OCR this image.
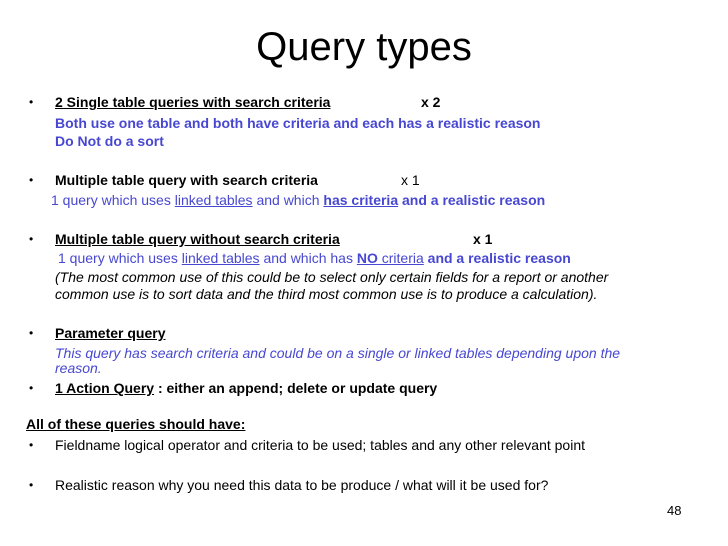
Query types
• 2 Single table queries with search criteria	x 2
Both use one table and both have criteria and each has a realistic reason
Do Not do a sort
• Multiple table query with search criteria	x 1
1 query which uses linked tables and which has criteria and a realistic reason
• Multiple table query without search criteria	x 1
1 query which uses linked tables and which has NO criteria and a realistic reason
(The most common use of this could be to select only certain fields for a report or another
common use is to sort data and the third most common use is to produce a calculation).
• Parameter query
This query has search criteria and could be on a single or linked tables depending upon the
reason.
• 1 Action Query : either an append; delete or update query
All of these queries should have:
• Fieldname logical operator and criteria to be used; tables and any other relevant point
• Realistic reason why you need this data to be produce / what will it be used for?
48
